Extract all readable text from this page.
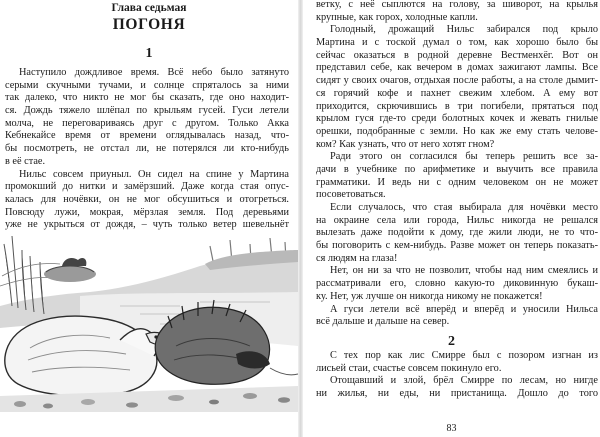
Глава седьмая
ПОГОНЯ
1
Наступило дождливое время. Всё небо было затянуто
серыми скучными тучами, и солнце спряталось за ними
так далеко, что никто не мог бы сказать, где оно находит-
ся. Дождь тяжело шлёпал по крыльям гусей. Гуси летели
молча, не переговариваясь друг с другом. Только Акка
Кебнекайсе время от времени оглядывалась назад, что-
бы посмотреть, не отстал ли, не потерялся ли кто-нибудь
в её стае.
Нильс совсем приуныл. Он сидел на спине у Мартина
промокший до нитки и замёрзший. Даже когда стая опус-
калась для ночёвки, он не мог обсушиться и отогреться.
Повсюду лужи, мокрая, мёрзлая земля. Под деревьями
уже не укрыться от дождя, – чуть только ветер шевельнёт
ветку, с неё сыплются на голову, за шиворот, на крылья
крупные, как горох, холодные капли.
Голодный, дрожащий Нильс забирался под крыло
Мартина и с тоской думал о том, как хорошо было бы
сейчас оказаться в родной деревне Вестменхёг. Вот он
представил себе, как вечером в домах зажигают лампы. Все
сидят у своих очагов, отдыхая после работы, а на столе дымит-
ся горячий кофе и пахнет свежим хлебом. А ему вот
приходится, скрючившись в три погибели, прятаться под
крылом гуся где-то среди болотных кочек и жевать гнилые
орешки, подобранные с земли. Но как же ему стать челове-
ком? Как узнать, что от него хотят гном?
Ради этого он согласился бы теперь решить все за-
дачи в учебнике по арифметике и выучить все правила
грамматики. И ведь ни с одним человеком он не может
посоветоваться.
Если случалось, что стая выбирала для ночёвки место
на окраине села или города, Нильс никогда не решался
вылезать даже подойти к дому, где жили люди, не то что-
бы поговорить с кем-нибудь. Разве может он теперь показать-
ся людям на глаза!
Нет, он ни за что не позволит, чтобы над ним смеялись и
рассматривали его, словно какую-то диковинную букаш-
ку. Нет, уж лучше он никогда никому не покажется!
А гуси летели всё вперёд и вперёд и уносили Нильса
всё дальше и дальше на север.
2
С тех пор как лис Смирре был с позором изгнан из
лисьей стаи, счастье совсем покинуло его.
Отощавший и злой, брёл Смирре по лесам, но нигде
ни жилья, ни еды, ни пристанища. Дошло до того
83
